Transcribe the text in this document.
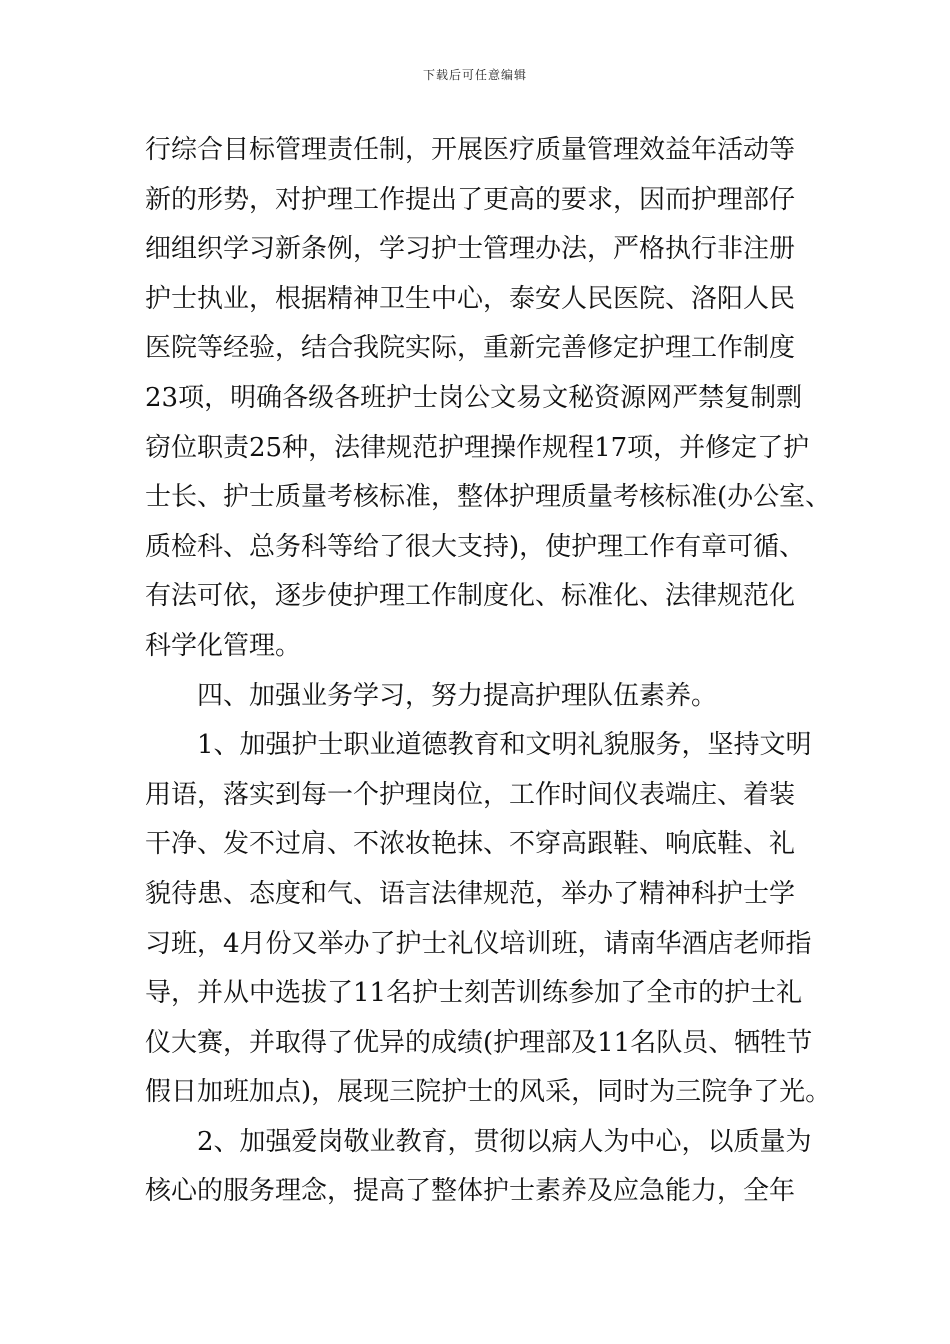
下载后可任意编辑
行综合目标管理责任制，开展医疗质量管理效益年活动等
新的形势，对护理工作提出了更高的要求，因而护理部仔
细组织学习新条例，学习护士管理办法，严格执行非注册
护士执业，根据精神卫生中心，泰安人民医院、洛阳人民
医院等经验，结合我院实际，重新完善修定护理工作制度
23项，明确各级各班护士岗公文易文秘资源网严禁复制剽
窃位职责25种，法律规范护理操作规程17项，并修定了护
士长、护士质量考核标准，整体护理质量考核标准(办公室、
质检科、总务科等给了很大支持)，使护理工作有章可循、
有法可依，逐步使护理工作制度化、标准化、法律规范化
科学化管理。
四、加强业务学习，努力提高护理队伍素养。
1、加强护士职业道德教育和文明礼貌服务，坚持文明
用语，落实到每一个护理岗位，工作时间仪表端庄、着装
干净、发不过肩、不浓妆艳抹、不穿高跟鞋、响底鞋、礼
貌待患、态度和气、语言法律规范，举办了精神科护士学
习班，4月份又举办了护士礼仪培训班，请南华酒店老师指
导，并从中选拔了11名护士刻苦训练参加了全市的护士礼
仪大赛，并取得了优异的成绩(护理部及11名队员、牺牲节
假日加班加点)，展现三院护士的风采，同时为三院争了光。
2、加强爱岗敬业教育，贯彻以病人为中心，以质量为
核心的服务理念，提高了整体护士素养及应急能力，全年
